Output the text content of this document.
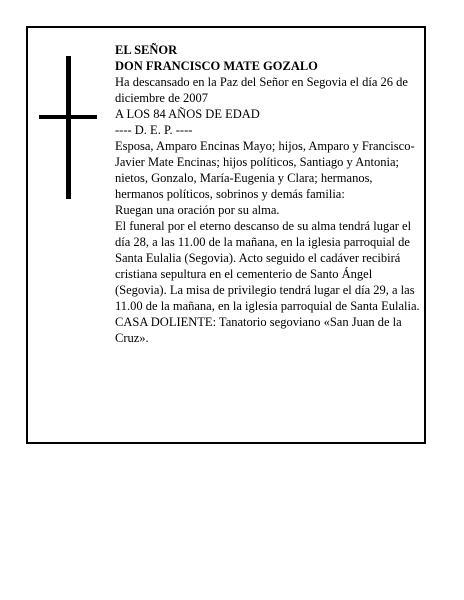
EL SEÑOR

DON FRANCISCO MATE GOZALO

Ha descansado en la Paz del Señor en Segovia el día 26 de diciembre de 2007

A LOS 84 AÑOS DE EDAD

---- D. E. P. ----

Esposa, Amparo Encinas Mayo; hijos, Amparo y Francisco-Javier Mate Encinas; hijos políticos, Santiago y Antonia; nietos, Gonzalo, María-Eugenia y Clara; hermanos, hermanos políticos, sobrinos y demás familia:

Ruegan una oración por su alma.

El funeral por el eterno descanso de su alma tendrá lugar el día 28, a las 11.00 de la mañana, en la iglesia parroquial de Santa Eulalia (Segovia). Acto seguido el cadáver recibirá cristiana sepultura en el cementerio de Santo Ángel (Segovia). La misa de privilegio tendrá lugar el día 29, a las 11.00 de la mañana, en la iglesia parroquial de Santa Eulalia.

CASA DOLIENTE: Tanatorio segoviano «San Juan de la Cruz».
